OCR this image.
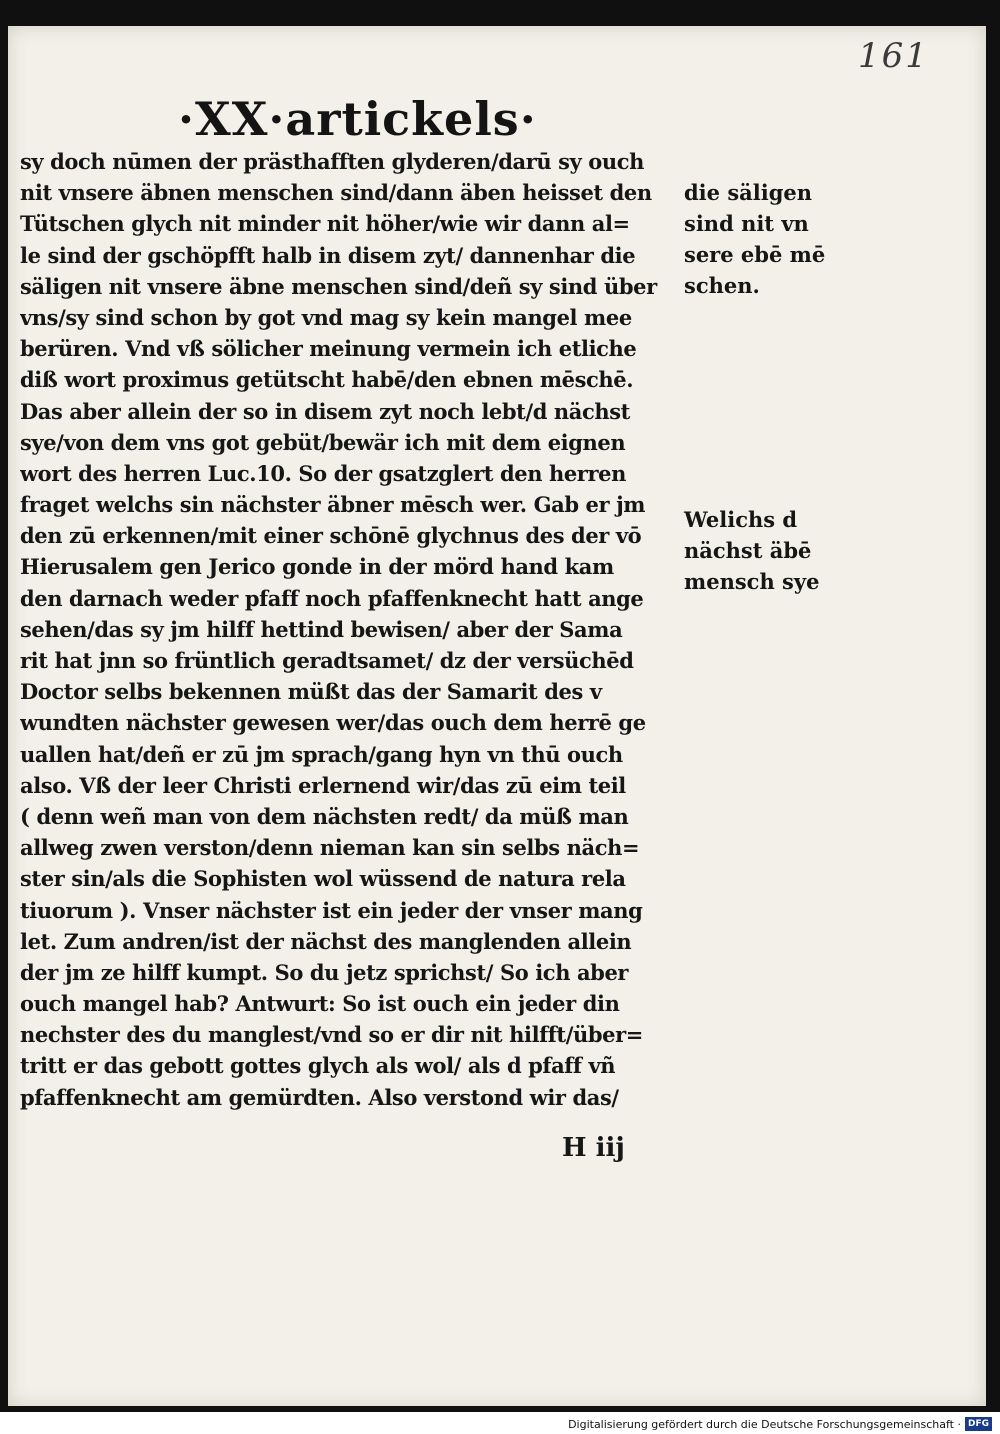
161
·XX·artickels·
sy doch nūmen der prästhafften glyderen/darū sy ouch
nit vnsere äbnen menschen sind/dann äben heisset den
Tütschen glych nit minder nit höher/wie wir dann al=
le sind der gschöpfft halb in disem zyt/ dannenhar die
säligen nit vnsere äbne menschen sind/deñ sy sind über
vns/sy sind schon by got vnd mag sy kein mangel mee
berüren. Vnd vß sölicher meinung vermein ich etliche
diß wort proximus getütscht habē/den ebnen mēschē.
Das aber allein der so in disem zyt noch lebt/d nächst
sye/von dem vns got gebüt/bewär ich mit dem eignen
wort des herren Luc.10. So der gsatzglert den herren
fraget welchs sin nächster äbner mēsch wer. Gab er jm
den zū erkennen/mit einer schōnē glychnus des der vō
Hierusalem gen Jerico gonde in der mörd hand kam
den darnach weder pfaff noch pfaffenknecht hatt ange
sehen/das sy jm hilff hettind bewisen/ aber der Sama
rit hat jnn so früntlich geradtsamet/ dz der versüchēd
Doctor selbs bekennen müßt das der Samarit des v
wundten nächster gewesen wer/das ouch dem herrē ge
uallen hat/deñ er zū jm sprach/gang hyn vn thū ouch
also. Vß der leer Christi erlernend wir/das zū eim teil
( denn weñ man von dem nächsten redt/ da müß man
allweg zwen verston/denn nieman kan sin selbs näch=
ster sin/als die Sophisten wol wüssend de natura rela
tiuorum ). Vnser nächster ist ein jeder der vnser mang
let. Zum andren/ist der nächst des manglenden allein
der jm ze hilff kumpt. So du jetz sprichst/ So ich aber
ouch mangel hab? Antwurt: So ist ouch ein jeder din
nechster des du manglest/vnd so er dir nit hilfft/über=
tritt er das gebott gottes glych als wol/ als d pfaff vñ
pfaffenknecht am gemürdten. Also verstond wir das/
die säligen
sind nit vn
sere ebē mē
schen.
Welichs d
nächst äbē
mensch sye
H iij
Digitalisierung gefördert durch die Deutsche Forschungsgemeinschaft · DFG
